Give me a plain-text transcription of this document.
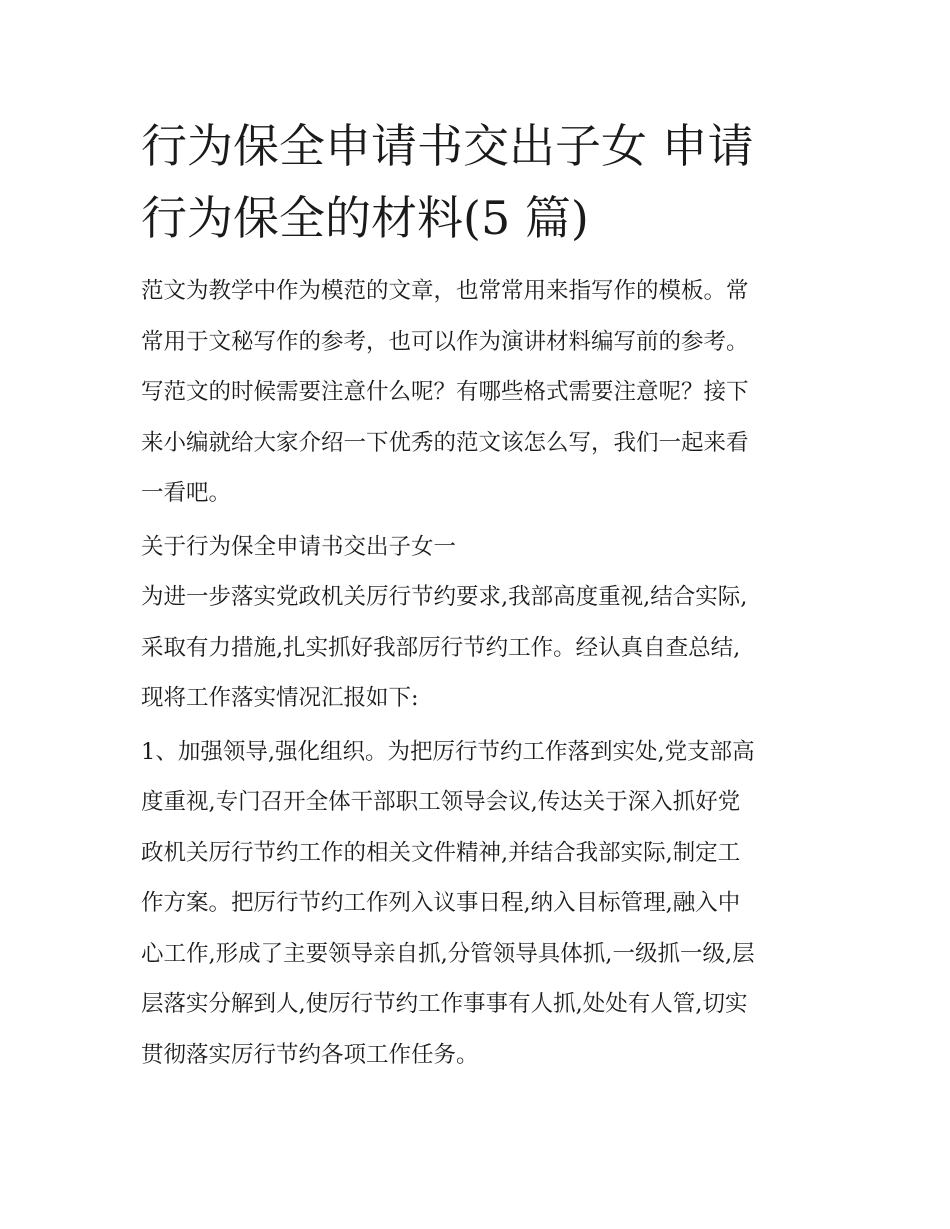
行为保全申请书交出子女 申请
行为保全的材料(5 篇)

范文为教学中作为模范的文章，也常常用来指写作的模板。常

常用于文秘写作的参考，也可以作为演讲材料编写前的参考。

写范文的时候需要注意什么呢？有哪些格式需要注意呢？接下

来小编就给大家介绍一下优秀的范文该怎么写，我们一起来看

一看吧。

关于行为保全申请书交出子女一

为进一步落实党政机关厉行节约要求,我部高度重视,结合实际,

采取有力措施,扎实抓好我部厉行节约工作。经认真自查总结,

现将工作落实情况汇报如下:

1、加强领导,强化组织。为把厉行节约工作落到实处,党支部高

度重视,专门召开全体干部职工领导会议,传达关于深入抓好党

政机关厉行节约工作的相关文件精神,并结合我部实际,制定工

作方案。把厉行节约工作列入议事日程,纳入目标管理,融入中

心工作,形成了主要领导亲自抓,分管领导具体抓,一级抓一级,层

层落实分解到人,使厉行节约工作事事有人抓,处处有人管,切实

贯彻落实厉行节约各项工作任务。
